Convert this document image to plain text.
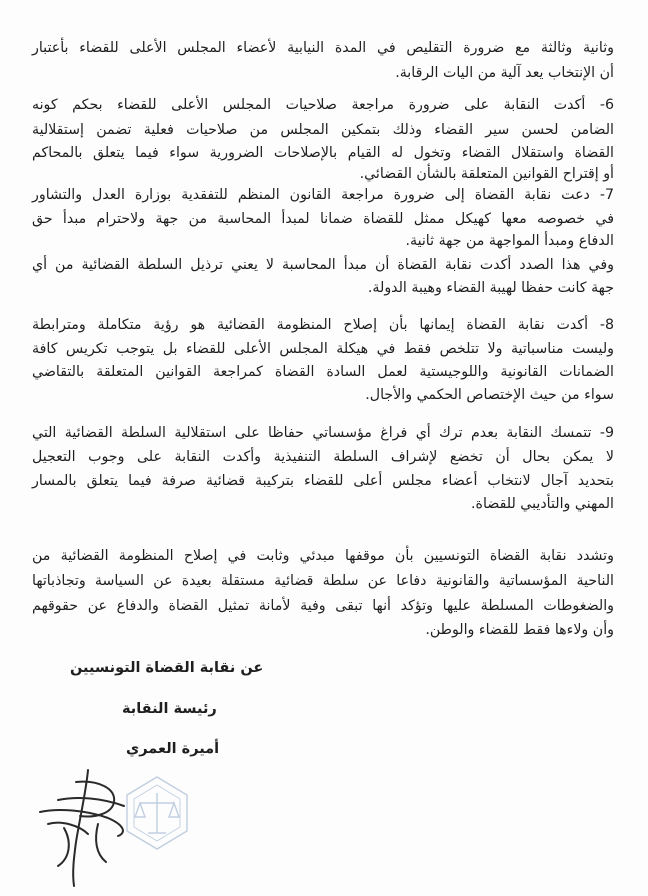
وثانية وثالثة مع ضرورة التقليص في المدة النيابية لأعضاء المجلس الأعلى للقضاء بأعتبار
أن الإنتخاب يعد آلية من اليات الرقابة.
6- أكدت النقابة على ضرورة مراجعة صلاحيات المجلس الأعلى للقضاء بحكم كونه
الضامن لحسن سير القضاء وذلك بتمكين المجلس من صلاحيات فعلية تضمن إستقلالية
القضاة واستقلال القضاء وتخول له القيام بالإصلاحات الضرورية سواء فيما يتعلق بالمحاكم
أو إقتراح القوانين المتعلقة بالشأن القضائي.
7- دعت نقابة القضاة إلى ضرورة مراجعة القانون المنظم للتفقدية بوزارة العدل والتشاور
في خصوصه معها كهيكل ممثل للقضاة ضمانا لمبدأ المحاسبة من جهة ولاحترام مبدأ حق
الدفاع ومبدأ المواجهة من جهة ثانية.
وفي هذا الصدد أكدت نقابة القضاة أن مبدأ المحاسبة لا يعني ترذيل السلطة القضائية من أي
جهة كانت حفظا لهيبة القضاء وهيبة الدولة.
8- أكدت نقابة القضاة إيمانها بأن إصلاح المنظومة القضائية هو رؤية متكاملة ومترابطة
وليست مناسباتية ولا تتلخص فقط في هيكلة المجلس الأعلى للقضاء بل يتوجب تكريس كافة
الضمانات القانونية واللوجيستية لعمل السادة القضاة كمراجعة القوانين المتعلقة بالتقاضي
سواء من حيث الإختصاص الحكمي والأجال.
9- تتمسك النقابة بعدم ترك أي فراغ مؤسساتي حفاظا على استقلالية السلطة القضائية التي
لا يمكن بحال أن تخضع لإشراف السلطة التنفيذية وأكدت النقابة على وجوب التعجيل
بتحديد آجال لانتخاب أعضاء مجلس أعلى للقضاء بتركيبة قضائية صرفة فيما يتعلق بالمسار
المهني والتأديبي للقضاة.
وتشدد نقابة القضاة التونسيين بأن موقفها مبدئي وثابت في إصلاح المنظومة القضائية من
الناحية المؤسساتية والقانونية دفاعا عن سلطة قضائية مستقلة بعيدة عن السياسة وتجاذباتها
والضغوطات المسلطة عليها وتؤكد أنها تبقى وفية لأمانة تمثيل القضاة والدفاع عن حقوقهم
وأن ولاءها فقط للقضاء والوطن.
عن نقابة القضاة التونسيين
رئيسة النقابة
أميرة العمري
